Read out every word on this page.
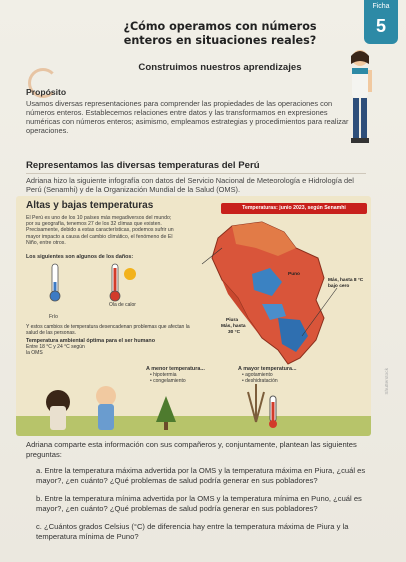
Ficha
5
¿Cómo operamos con números enteros en situaciones reales?
Construimos nuestros aprendizajes
Propósito
Usamos diversas representaciones para comprender las propiedades de las operaciones con números enteros. Establecemos relaciones entre datos y las transformamos en expresiones numéricas con números enteros; asimismo, empleamos estrategias y procedimientos para realizar operaciones.
Representamos las diversas temperaturas del Perú
Adriana hizo la siguiente infografía con datos del Servicio Nacional de Meteorología e Hidrología del Perú (Senamhi) y de la Organización Mundial de la Salud (OMS).
Altas y bajas temperaturas
El Perú es uno de los 10 países más megadiversos del mundo; por su geografía, tenemos 27 de los 32 climas que existen. Precisamente, debido a estas características, podemos sufrir un mayor impacto a causa del cambio climático, el fenómeno de El Niño, entre otros.
Los siguientes son algunos de los daños:
Frío
Ola de calor
Y estos cambios de temperatura desencadenan problemas que afectan la salud de las personas.
Temperatura ambiental óptima para el ser humano
Entre 18 °C y 24 °C según la OMS
Temperaturas: junio 2023, según Senamhi
Puno
Más, hasta 8 °C
bajo cero
Piura
Más, hasta
30 °C
A menor temperatura...
• hipotermia
• congelamiento
A mayor temperatura...
• agotamiento
• deshidratación	Shutterstock
Adriana comparte esta información con sus compañeros y, conjuntamente, plantean las siguientes preguntas:
a. Entre la temperatura máxima advertida por la OMS y la temperatura máxima en Piura, ¿cuál es mayor?, ¿en cuánto? ¿Qué problemas de salud podría generar en sus pobladores?
b. Entre la temperatura mínima advertida por la OMS y la temperatura mínima en Puno, ¿cuál es mayor?, ¿en cuánto? ¿Qué problemas de salud podría generar en sus pobladores?
c. ¿Cuántos grados Celsius (°C) de diferencia hay entre la temperatura máxima de Piura y la temperatura mínima de Puno?
